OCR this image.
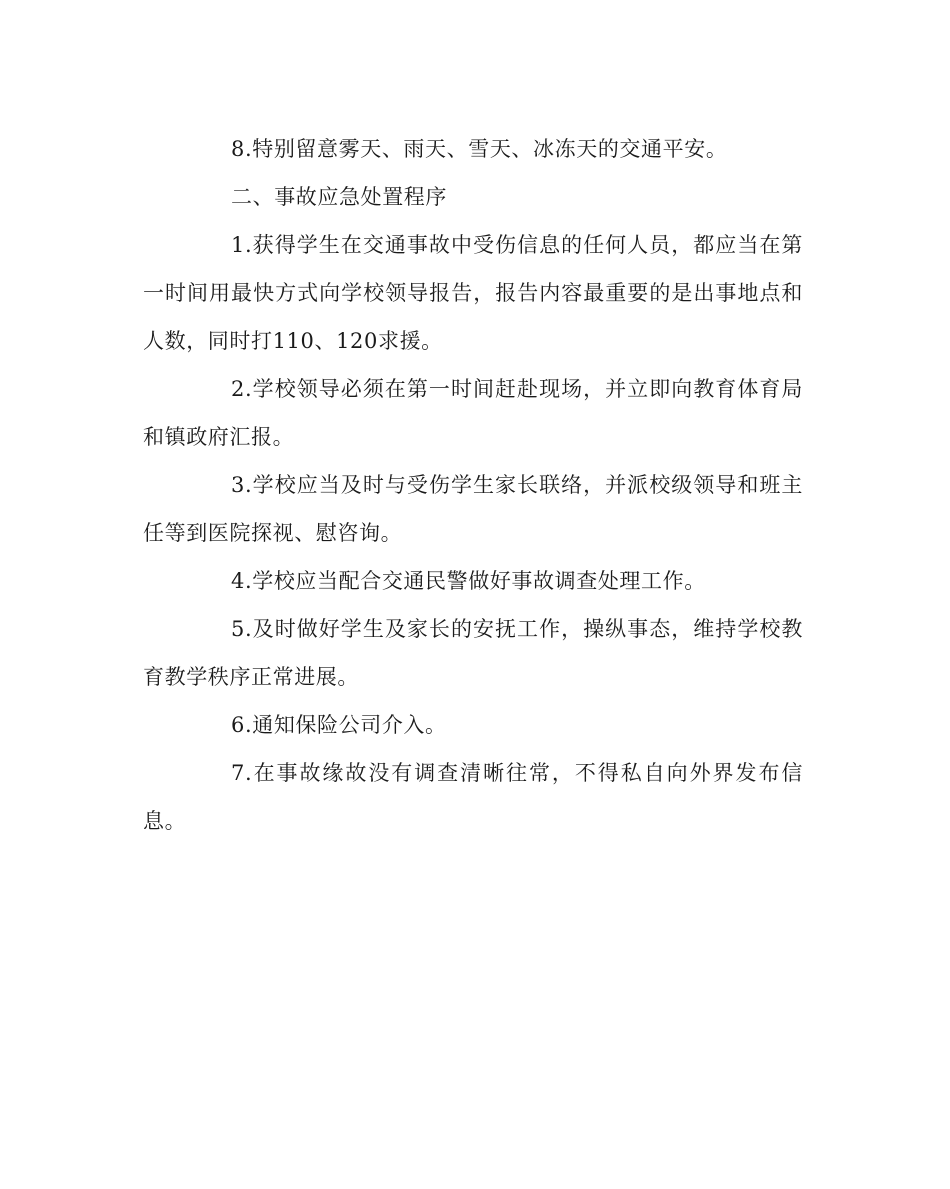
8.特别留意雾天、雨天、雪天、冰冻天的交通平安。

二、事故应急处置程序

1.获得学生在交通事故中受伤信息的任何人员，都应当在第一时间用最快方式向学校领导报告，报告内容最重要的是出事地点和人数，同时打110、120求援。

2.学校领导必须在第一时间赶赴现场，并立即向教育体育局和镇政府汇报。

3.学校应当及时与受伤学生家长联络，并派校级领导和班主任等到医院探视、慰咨询。

4.学校应当配合交通民警做好事故调查处理工作。

5.及时做好学生及家长的安抚工作，操纵事态，维持学校教育教学秩序正常进展。

6.通知保险公司介入。

7.在事故缘故没有调查清晰往常，不得私自向外界发布信息。
